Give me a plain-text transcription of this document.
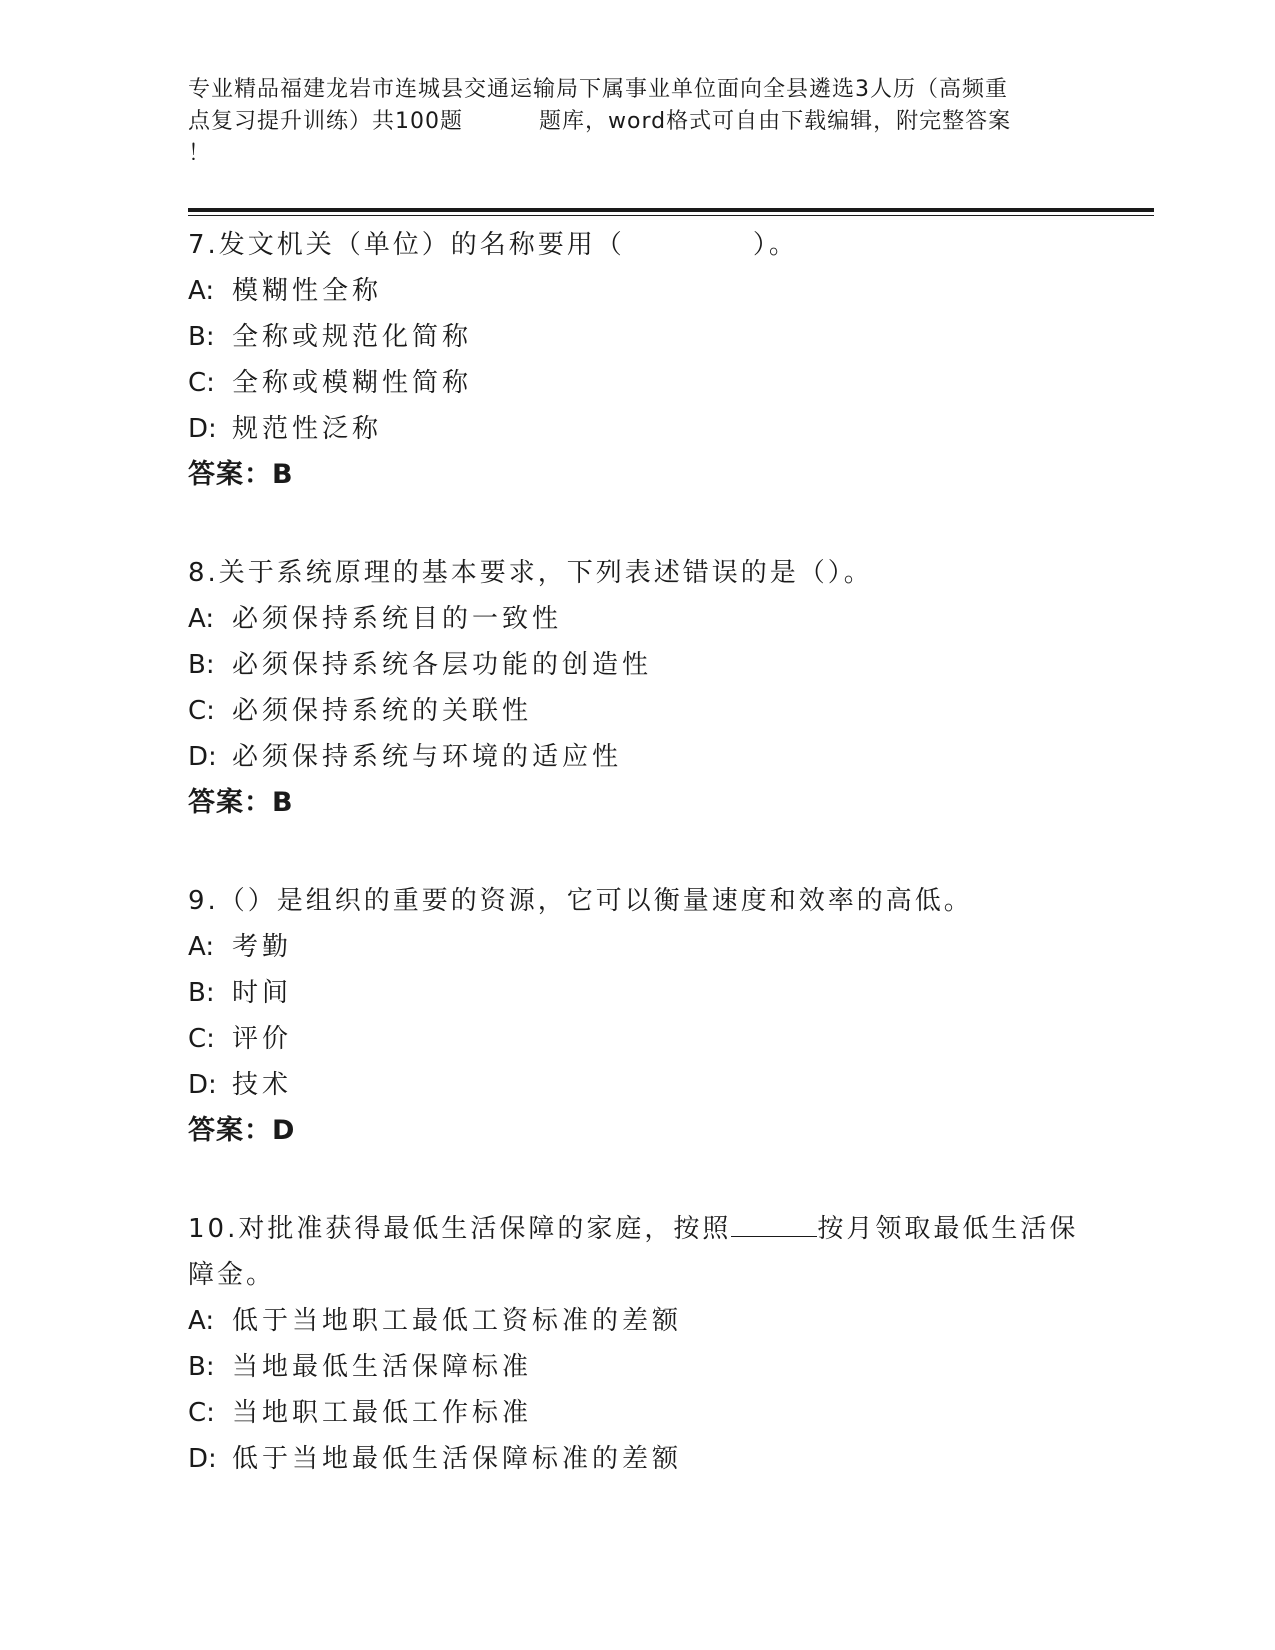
专业精品福建龙岩市连城县交通运输局下属事业单位面向全县遴选3人历（高频重
点复习提升训练）共100题	题库，word格式可自由下载编辑，附完整答案
！
7.发文机关（单位）的名称要用（	）。
A: 模糊性全称
B: 全称或规范化简称
C: 全称或模糊性简称
D: 规范性泛称
答案：B
8.关于系统原理的基本要求，下列表述错误的是（）。
A: 必须保持系统目的一致性
B: 必须保持系统各层功能的创造性
C: 必须保持系统的关联性
D: 必须保持系统与环境的适应性
答案：B
9.（）是组织的重要的资源，它可以衡量速度和效率的高低。
A: 考勤
B: 时间
C: 评价
D: 技术
答案：D
10.对批准获得最低生活保障的家庭，按照	按月领取最低生活保
障金。
A: 低于当地职工最低工资标准的差额
B: 当地最低生活保障标准
C: 当地职工最低工作标准
D: 低于当地最低生活保障标准的差额
